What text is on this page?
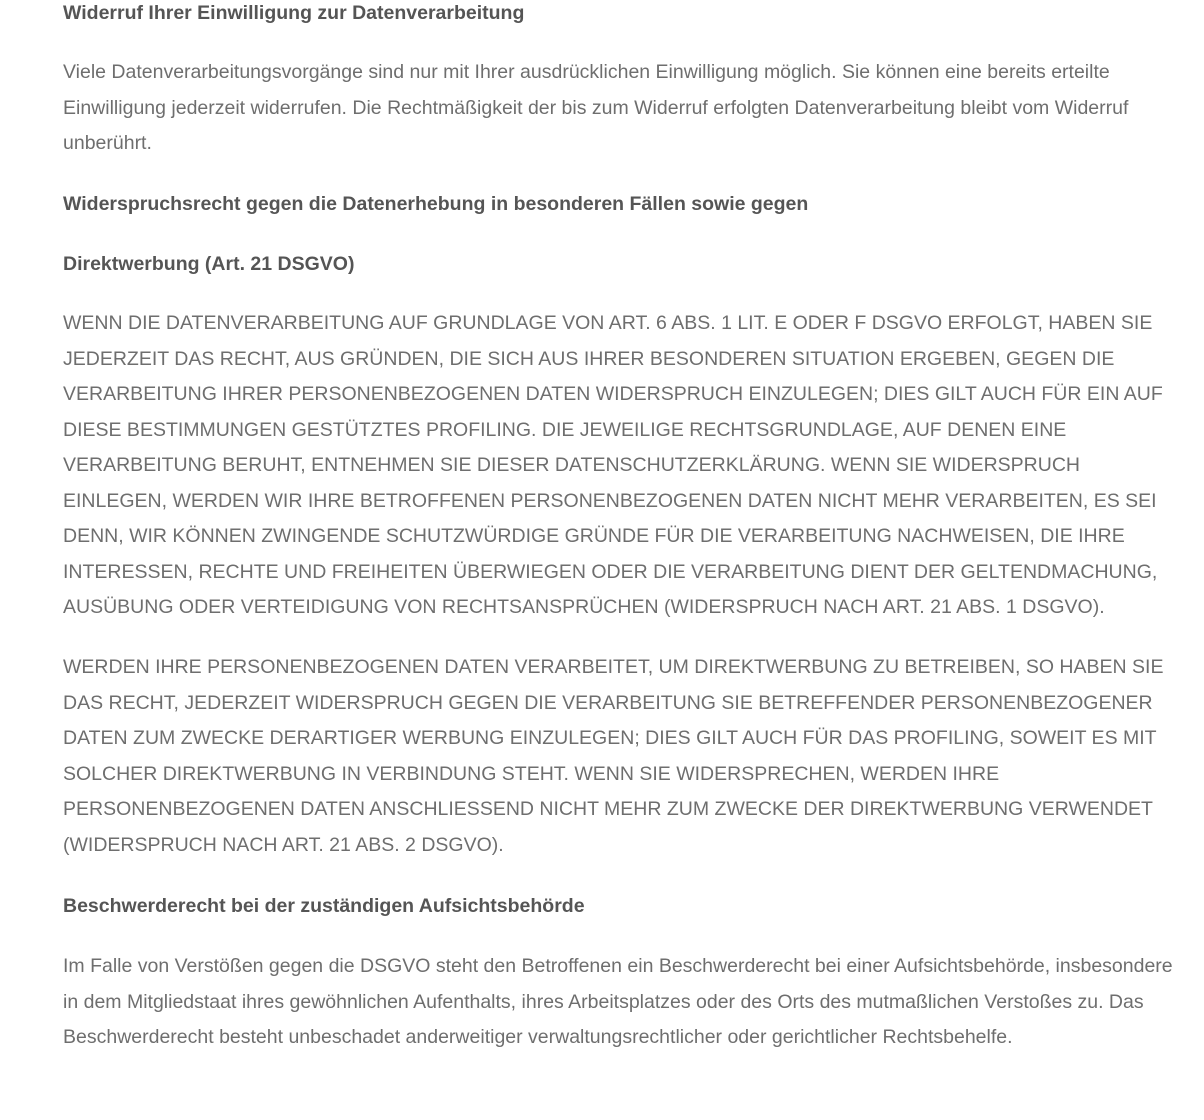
Widerruf Ihrer Einwilligung zur Datenverarbeitung

Viele Datenverarbeitungsvorgänge sind nur mit Ihrer ausdrücklichen Einwilligung möglich. Sie können eine bereits erteilte Einwilligung jederzeit widerrufen. Die Rechtmäßigkeit der bis zum Widerruf erfolgten Datenverarbeitung bleibt vom Widerruf unberührt.

Widerspruchsrecht gegen die Datenerhebung in besonderen Fällen sowie gegen
Direktwerbung (Art. 21 DSGVO)

WENN DIE DATENVERARBEITUNG AUF GRUNDLAGE VON ART. 6 ABS. 1 LIT. E ODER F DSGVO ERFOLGT, HABEN SIE JEDERZEIT DAS RECHT, AUS GRÜNDEN, DIE SICH AUS IHRER BESONDEREN SITUATION ERGEBEN, GEGEN DIE VERARBEITUNG IHRER PERSONENBEZOGENEN DATEN WIDERSPRUCH EINZULEGEN; DIES GILT AUCH FÜR EIN AUF DIESE BESTIMMUNGEN GESTÜTZTES PROFILING. DIE JEWEILIGE RECHTSGRUNDLAGE, AUF DENEN EINE VERARBEITUNG BERUHT, ENTNEHMEN SIE DIESER DATENSCHUTZERKLÄRUNG. WENN SIE WIDERSPRUCH EINLEGEN, WERDEN WIR IHRE BETROFFENEN PERSONENBEZOGENEN DATEN NICHT MEHR VERARBEITEN, ES SEI DENN, WIR KÖNNEN ZWINGENDE SCHUTZWÜRDIGE GRÜNDE FÜR DIE VERARBEITUNG NACHWEISEN, DIE IHRE INTERESSEN, RECHTE UND FREIHEITEN ÜBERWIEGEN ODER DIE VERARBEITUNG DIENT DER GELTENDMACHUNG, AUSÜBUNG ODER VERTEIDIGUNG VON RECHTSANSPRÜCHEN (WIDERSPRUCH NACH ART. 21 ABS. 1 DSGVO).

WERDEN IHRE PERSONENBEZOGENEN DATEN VERARBEITET, UM DIREKTWERBUNG ZU BETREIBEN, SO HABEN SIE DAS RECHT, JEDERZEIT WIDERSPRUCH GEGEN DIE VERARBEITUNG SIE BETREFFENDER PERSONENBEZOGENER DATEN ZUM ZWECKE DERARTIGER WERBUNG EINZULEGEN; DIES GILT AUCH FÜR DAS PROFILING, SOWEIT ES MIT SOLCHER DIREKTWERBUNG IN VERBINDUNG STEHT. WENN SIE WIDERSPRECHEN, WERDEN IHRE PERSONENBEZOGENEN DATEN ANSCHLIESSEND NICHT MEHR ZUM ZWECKE DER DIREKTWERBUNG VERWENDET (WIDERSPRUCH NACH ART. 21 ABS. 2 DSGVO).

Beschwerderecht bei der zuständigen Aufsichtsbehörde

Im Falle von Verstößen gegen die DSGVO steht den Betroffenen ein Beschwerderecht bei einer Aufsichtsbehörde, insbesondere in dem Mitgliedstaat ihres gewöhnlichen Aufenthalts, ihres Arbeitsplatzes oder des Orts des mutmaßlichen Verstoßes zu. Das Beschwerderecht besteht unbeschadet anderweitiger verwaltungsrechtlicher oder gerichtlicher Rechtsbehelfe.
